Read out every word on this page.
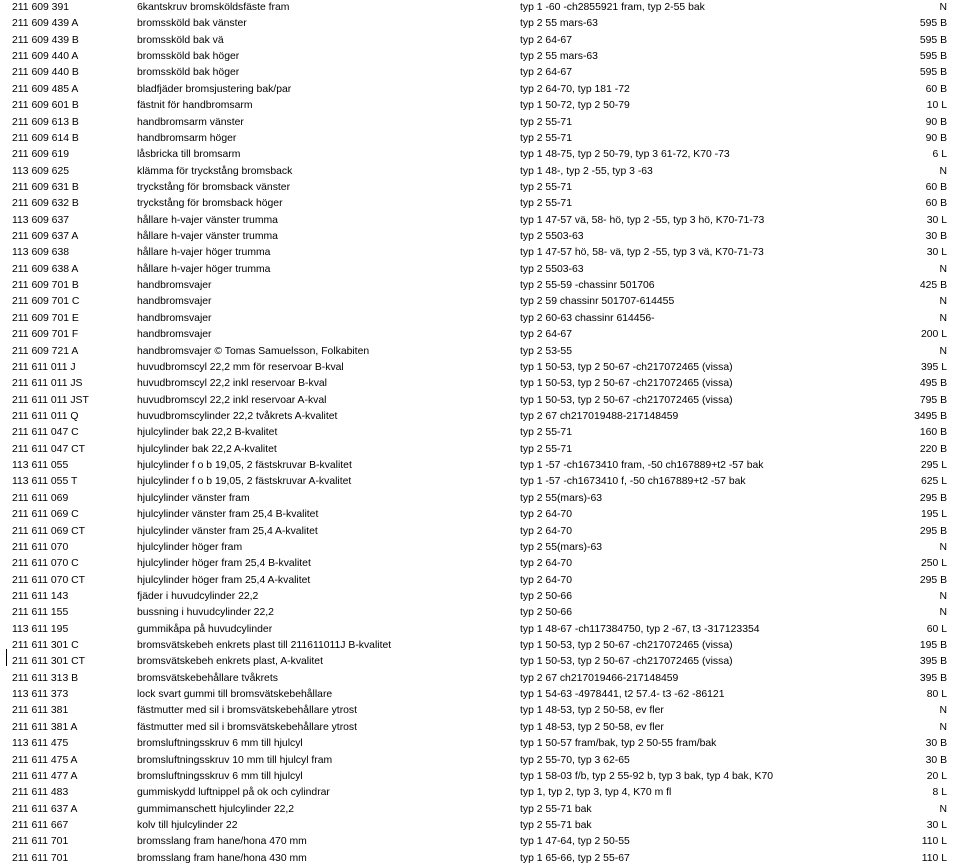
211 609 391	6kantskruv bromsköldsfäste fram	typ 1 -60 -ch2855921 fram, typ 2-55 bak	N
211 609 439 A	bromssköld bak vänster	typ 2 55 mars-63	595 B
211 609 439 B	bromssköld bak vä	typ 2 64-67	595 B
211 609 440 A	bromssköld bak höger	typ 2 55 mars-63	595 B
211 609 440 B	bromssköld bak höger	typ 2 64-67	595 B
211 609 485 A	bladfjäder bromsjustering bak/par	typ 2 64-70, typ 181 -72	60 B
211 609 601 B	fästnit för handbromsarm	typ 1 50-72, typ 2 50-79	10 L
211 609 613 B	handbromsarm vänster	typ 2 55-71	90 B
211 609 614 B	handbromsarm höger	typ 2 55-71	90 B
211 609 619	låsbricka till bromsarm	typ 1 48-75, typ 2 50-79, typ 3 61-72, K70 -73	6 L
113 609 625	klämma för tryckstång bromsback	typ 1 48-, typ 2 -55, typ 3 -63	N
211 609 631 B	tryckstång för bromsback vänster	typ 2 55-71	60 B
211 609 632 B	tryckstång för bromsback höger	typ 2 55-71	60 B
113 609 637	hållare h-vajer vänster trumma	typ 1 47-57 vä, 58- hö, typ 2 -55, typ 3 hö, K70-71-73	30 L
211 609 637 A	hållare h-vajer vänster trumma	typ 2 5503-63	30 B
113 609 638	hållare h-vajer höger trumma	typ 1 47-57 hö, 58- vä, typ 2 -55, typ 3 vä, K70-71-73	30 L
211 609 638 A	hållare h-vajer höger trumma	typ 2 5503-63	N
211 609 701 B	handbromsvajer	typ 2 55-59 -chassinr 501706	425 B
211 609 701 C	handbromsvajer	typ 2 59 chassinr 501707-614455	N
211 609 701 E	handbromsvajer	typ 2 60-63 chassinr 614456-	N
211 609 701 F	handbromsvajer	typ 2 64-67	200 L
211 609 721 A	handbromsvajer © Tomas Samuelsson, Folkabiten	typ 2 53-55	N
211 611 011 J	huvudbromscyl 22,2 mm för reservoar B-kval	typ 1 50-53, typ 2 50-67 -ch217072465 (vissa)	395 L
211 611 011 JS	huvudbromscyl 22,2 inkl reservoar B-kval	typ 1 50-53, typ 2 50-67 -ch217072465 (vissa)	495 B
211 611 011 JST	huvudbromscyl 22,2 inkl reservoar A-kval	typ 1 50-53, typ 2 50-67 -ch217072465 (vissa)	795 B
211 611 011 Q	huvudbromscylinder 22,2 tvåkrets A-kvalitet	typ 2 67 ch217019488-217148459	3495 B
211 611 047 C	hjulcylinder bak 22,2 B-kvalitet	typ 2 55-71	160 B
211 611 047 CT	hjulcylinder bak 22,2 A-kvalitet	typ 2 55-71	220 B
113 611 055	hjulcylinder f o b 19,05, 2 fästskruvar B-kvalitet	typ 1 -57 -ch1673410 fram, -50 ch167889+t2 -57 bak	295 L
113 611 055 T	hjulcylinder f o b 19,05, 2 fästskruvar A-kvalitet	typ 1 -57 -ch1673410 f, -50 ch167889+t2 -57 bak	625 L
211 611 069	hjulcylinder vänster fram	typ 2 55(mars)-63	295 B
211 611 069 C	hjulcylinder vänster fram 25,4 B-kvalitet	typ 2 64-70	195 L
211 611 069 CT	hjulcylinder vänster fram 25,4 A-kvalitet	typ 2 64-70	295 B
211 611 070	hjulcylinder höger fram	typ 2 55(mars)-63	N
211 611 070 C	hjulcylinder höger fram 25,4 B-kvalitet	typ 2 64-70	250 L
211 611 070 CT	hjulcylinder höger fram 25,4 A-kvalitet	typ 2 64-70	295 B
211 611 143	fjäder i huvudcylinder 22,2	typ 2 50-66	N
211 611 155	bussning i huvudcylinder 22,2	typ 2 50-66	N
113 611 195	gummikåpa på huvudcylinder	typ 1 48-67 -ch117384750, typ 2 -67, t3 -317123354	60 L
211 611 301 C	bromsvätskebeh enkrets plast till 211611011J B-kvalitet	typ 1 50-53, typ 2 50-67 -ch217072465 (vissa)	195 B
211 611 301 CT	bromsvätskebeh enkrets plast, A-kvalitet	typ 1 50-53, typ 2 50-67 -ch217072465 (vissa)	395 B
211 611 313 B	bromsvätskebehållare tvåkrets	typ 2 67 ch217019466-217148459	395 B
113 611 373	lock svart gummi till bromsvätskebehållare	typ 1 54-63 -4978441, t2 57.4- t3 -62 -86121	80 L
211 611 381	fästmutter med sil i bromsvätskebehållare ytrost	typ 1 48-53, typ 2 50-58, ev fler	N
211 611 381 A	fästmutter med sil i bromsvätskebehållare ytrost	typ 1 48-53, typ 2 50-58, ev fler	N
113 611 475	bromsluftningsskruv 6 mm till hjulcyl	typ 1 50-57 fram/bak, typ 2 50-55 fram/bak	30 B
211 611 475 A	bromsluftningsskruv 10 mm till hjulcyl fram	typ 2 55-70, typ 3 62-65	30 B
211 611 477 A	bromsluftningsskruv 6 mm till hjulcyl	typ 1 58-03 f/b, typ 2 55-92 b, typ 3 bak, typ 4 bak, K70	20 L
211 611 483	gummiskydd luftnippel på ok och cylindrar	typ 1, typ 2, typ 3, typ 4, K70 m fl	8 L
211 611 637 A	gummimanschett hjulcylinder 22,2	typ 2 55-71 bak	N
211 611 667	kolv till hjulcylinder 22	typ 2 55-71 bak	30 L
211 611 701	bromsslang fram hane/hona 470 mm	typ 1 47-64, typ 2 50-55	110 L
211 611 701	bromsslang fram hane/hona 430 mm	typ 1 65-66, typ 2 55-67	110 L
